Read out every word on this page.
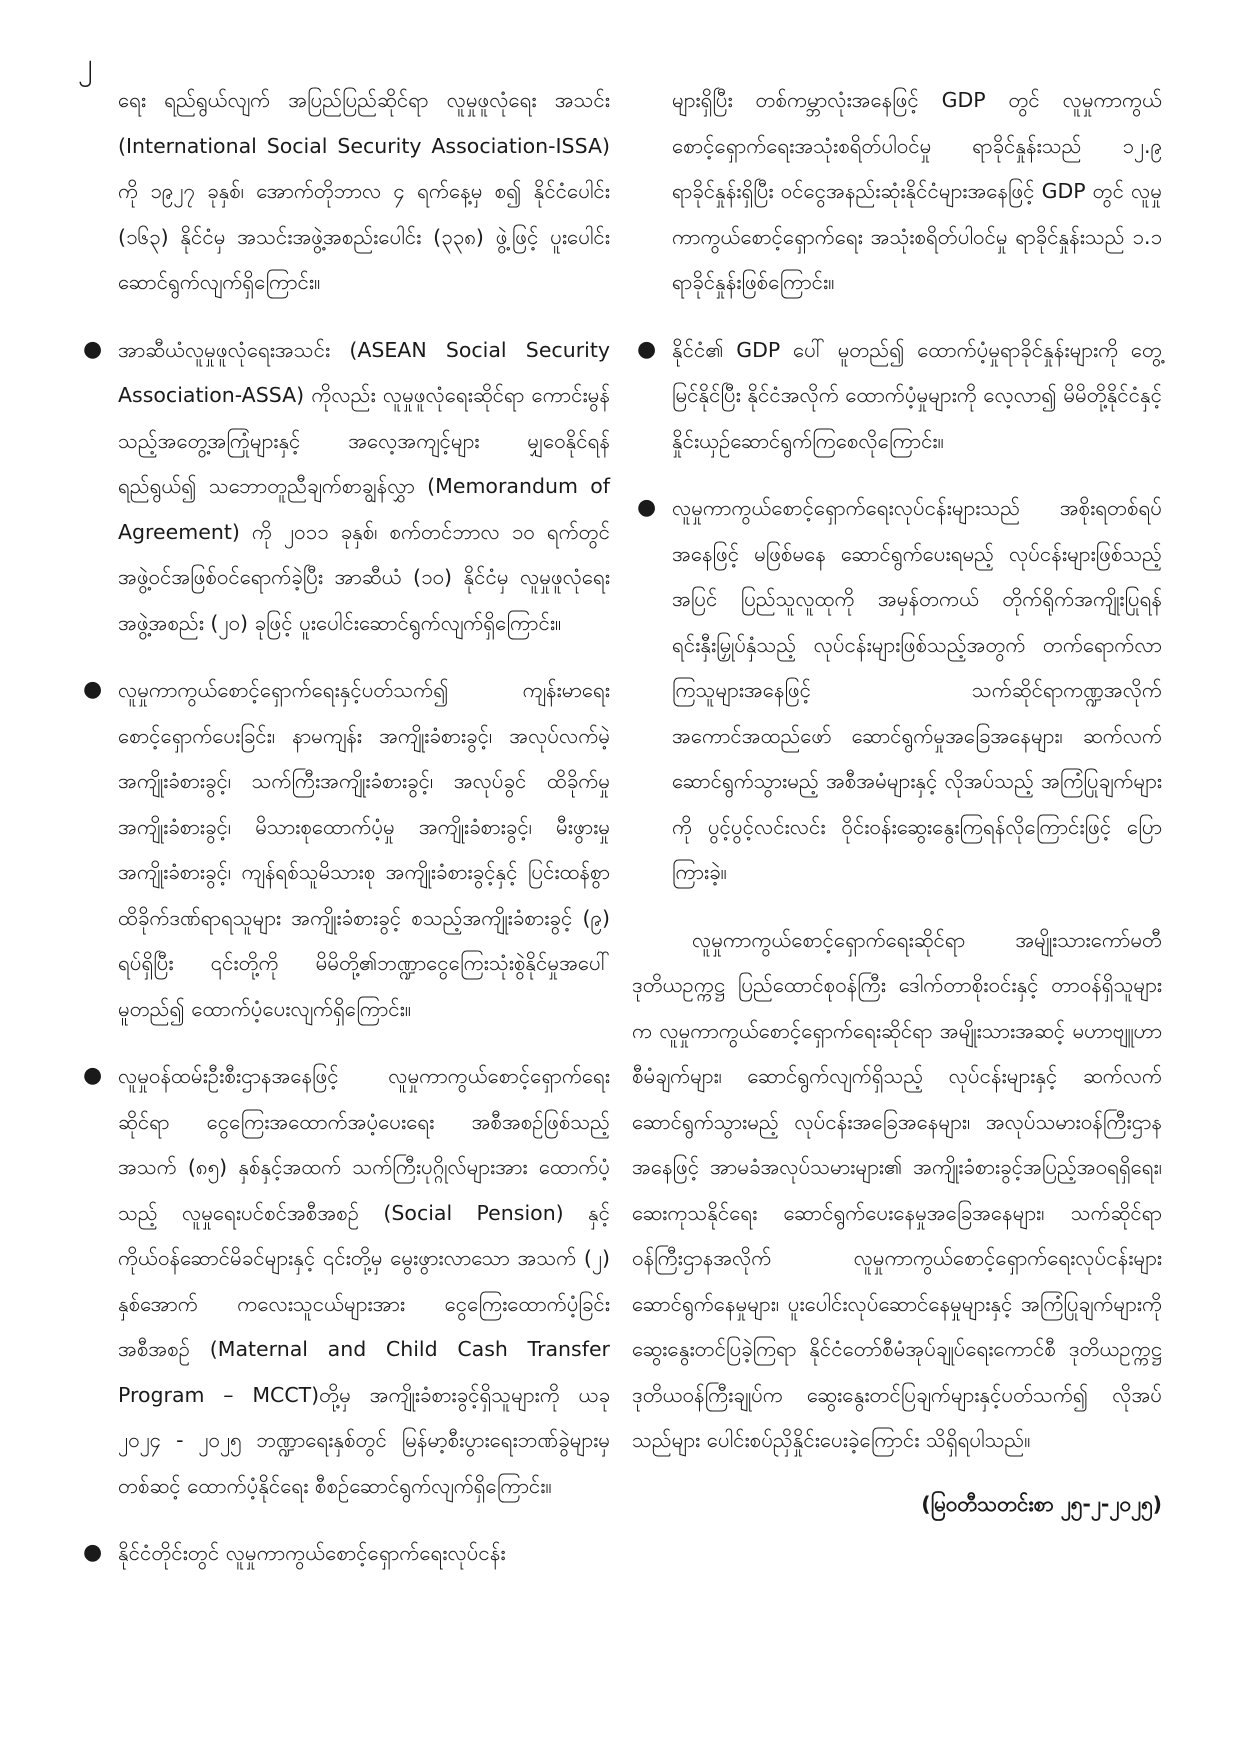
၂

ရေး ရည်ရွယ်လျက် အပြည်ပြည်ဆိုင်ရာ လူမှုဖူလုံရေး အသင်း (International Social Security Association-ISSA) ကို ၁၉၂၇ ခုနှစ်၊ အောက်တိုဘာလ ၄ ရက်နေ့မှ စ၍ နိုင်ငံပေါင်း (၁၆၃) နိုင်ငံမှ အသင်းအဖွဲ့အစည်းပေါင်း (၃၃၈) ဖွဲ့ဖြင့် ပူးပေါင်းဆောင်ရွက်လျက်ရှိကြောင်း။

● အာဆီယံလူမှုဖူလုံရေးအသင်း (ASEAN Social Security Association-ASSA) ကိုလည်း လူမှုဖူလုံရေးဆိုင်ရာ ကောင်းမွန်သည့်အတွေ့အကြုံများနှင့် အလေ့အကျင့်များ မျှဝေနိုင်ရန် ရည်ရွယ်၍ သဘောတူညီချက်စာချွန်လွှာ (Memorandum of Agreement) ကို ၂၀၁၁ ခုနှစ်၊ စက်တင်ဘာလ ၁၀ ရက်တွင် အဖွဲ့ဝင်အဖြစ်ဝင်ရောက်ခဲ့ပြီး အာဆီယံ (၁၀) နိုင်ငံမှ လူမှုဖူလုံရေး အဖွဲ့အစည်း (၂၀) ခုဖြင့် ပူးပေါင်းဆောင်ရွက်လျက်ရှိကြောင်း။
● လူမှုကာကွယ်စောင့်ရှောက်ရေးနှင့်ပတ်သက်၍ ကျန်းမာရေးစောင့်ရှောက်ပေးခြင်း၊ နာမကျန်း အကျိုးခံစားခွင့်၊ အလုပ်လက်မဲ့အကျိုးခံစားခွင့်၊ သက်ကြီးအကျိုးခံစားခွင့်၊ အလုပ်ခွင် ထိခိုက်မှု အကျိုးခံစားခွင့်၊ မိသားစုထောက်ပံ့မှု အကျိုးခံစားခွင့်၊ မီးဖွားမှုအကျိုးခံစားခွင့်၊ ကျန်ရစ်သူမိသားစု အကျိုးခံစားခွင့်နှင့် ပြင်းထန်စွာ ထိခိုက်ဒဏ်ရာရသူများ အကျိုးခံစားခွင့် စသည့်အကျိုးခံစားခွင့် (၉) ရပ်ရှိပြီး ၎င်းတို့ကို မိမိတို့၏ဘဏ္ဍာငွေကြေးသုံးစွဲနိုင်မှုအပေါ်မူတည်၍ ထောက်ပံ့ပေးလျက်ရှိကြောင်း။
● လူမှုဝန်ထမ်းဦးစီးဌာနအနေဖြင့် လူမှုကာကွယ်စောင့်ရှောက်ရေးဆိုင်ရာ ငွေကြေးအထောက်အပံ့ပေးရေး အစီအစဉ်ဖြစ်သည့် အသက် (၈၅) နှစ်နှင့်အထက် သက်ကြီးပုဂ္ဂိုလ်များအား ထောက်ပံ့သည့် လူမှုရေးပင်စင်အစီအစဉ် (Social Pension) နှင့် ကိုယ်ဝန်ဆောင်မိခင်များနှင့် ၎င်းတို့မှ မွေးဖွားလာသော အသက် (၂) နှစ်အောက် ကလေးသူငယ်များအား ငွေကြေးထောက်ပံ့ခြင်းအစီအစဉ် (Maternal and Child Cash Transfer Program – MCCT)တို့မှ အကျိုးခံစားခွင့်ရှိသူများကို ယခု ၂၀၂၄ - ၂၀၂၅ ဘဏ္ဍာရေးနှစ်တွင် မြန်မာ့စီးပွားရေးဘဏ်ခွဲများမှတစ်ဆင့် ထောက်ပံ့နိုင်ရေး စီစဉ်ဆောင်ရွက်လျက်ရှိကြောင်း။
● နိုင်ငံတိုင်းတွင် လူမှုကာကွယ်စောင့်ရှောက်ရေးလုပ်ငန်း

များရှိပြီး တစ်ကမ္ဘာလုံးအနေဖြင့် GDP တွင် လူမှုကာကွယ်စောင့်ရှောက်ရေးအသုံးစရိတ်ပါဝင်မှု ရာခိုင်နှုန်းသည် ၁၂.၉ ရာခိုင်နှုန်းရှိပြီး ဝင်ငွေအနည်းဆုံးနိုင်ငံများအနေဖြင့် GDP တွင် လူမှုကာကွယ်စောင့်ရှောက်ရေး အသုံးစရိတ်ပါဝင်မှု ရာခိုင်နှုန်းသည် ၁.၁ ရာခိုင်နှုန်းဖြစ်ကြောင်း။

● နိုင်ငံ၏ GDP ပေါ် မူတည်၍ ထောက်ပံ့မှုရာခိုင်နှုန်းများကို တွေ့မြင်နိုင်ပြီး နိုင်ငံအလိုက် ထောက်ပံ့မှုများကို လေ့လာ၍ မိမိတို့နိုင်ငံနှင့် နှိုင်းယှဉ်ဆောင်ရွက်ကြစေလိုကြောင်း။
● လူမှုကာကွယ်စောင့်ရှောက်ရေးလုပ်ငန်းများသည် အစိုးရတစ်ရပ်အနေဖြင့် မဖြစ်မနေ ဆောင်ရွက်ပေးရမည့် လုပ်ငန်းများဖြစ်သည့်အပြင် ပြည်သူလူထုကို အမှန်တကယ် တိုက်ရိုက်အကျိုးပြုရန် ရင်းနှီးမြှုပ်နှံသည့် လုပ်ငန်းများဖြစ်သည့်အတွက် တက်ရောက်လာကြသူများအနေဖြင့် သက်ဆိုင်ရာကဏ္ဍအလိုက် အကောင်အထည်ဖော် ဆောင်ရွက်မှုအခြေအနေများ၊ ဆက်လက်ဆောင်ရွက်သွားမည့် အစီအမံများနှင့် လိုအပ်သည့် အကြံပြုချက်များကို ပွင့်ပွင့်လင်းလင်း ဝိုင်းဝန်းဆွေးနွေးကြရန်လိုကြောင်းဖြင့် ပြောကြားခဲ့။

လူမှုကာကွယ်စောင့်ရှောက်ရေးဆိုင်ရာ အမျိုးသားကော်မတီဒုတိယဥက္ကဋ္ဌ ပြည်ထောင်စုဝန်ကြီး ဒေါက်တာစိုးဝင်းနှင့် တာဝန်ရှိသူများက လူမှုကာကွယ်စောင့်ရှောက်ရေးဆိုင်ရာ အမျိုးသားအဆင့် မဟာဗျူဟာစီမံချက်များ၊ ဆောင်ရွက်လျက်ရှိသည့် လုပ်ငန်းများနှင့် ဆက်လက်ဆောင်ရွက်သွားမည့် လုပ်ငန်းအခြေအနေများ၊ အလုပ်သမားဝန်ကြီးဌာနအနေဖြင့် အာမခံအလုပ်သမားများ၏ အကျိုးခံစားခွင့်အပြည့်အဝရရှိရေး၊ ဆေးကုသနိုင်ရေး ဆောင်ရွက်ပေးနေမှုအခြေအနေများ၊ သက်ဆိုင်ရာဝန်ကြီးဌာနအလိုက် လူမှုကာကွယ်စောင့်ရှောက်ရေးလုပ်ငန်းများ ဆောင်ရွက်နေမှုများ၊ ပူးပေါင်းလုပ်ဆောင်နေမှုများနှင့် အကြံပြုချက်များကို ဆွေးနွေးတင်ပြခဲ့ကြရာ နိုင်ငံတော်စီမံအုပ်ချုပ်ရေးကောင်စီ ဒုတိယဥက္ကဋ္ဌ ဒုတိယဝန်ကြီးချုပ်က ဆွေးနွေးတင်ပြချက်များနှင့်ပတ်သက်၍ လိုအပ်သည်များ ပေါင်းစပ်ညှိနှိုင်းပေးခဲ့ကြောင်း သိရှိရပါသည်။

(မြဝတီသတင်းစာ ၂၅-၂-၂၀၂၅)
